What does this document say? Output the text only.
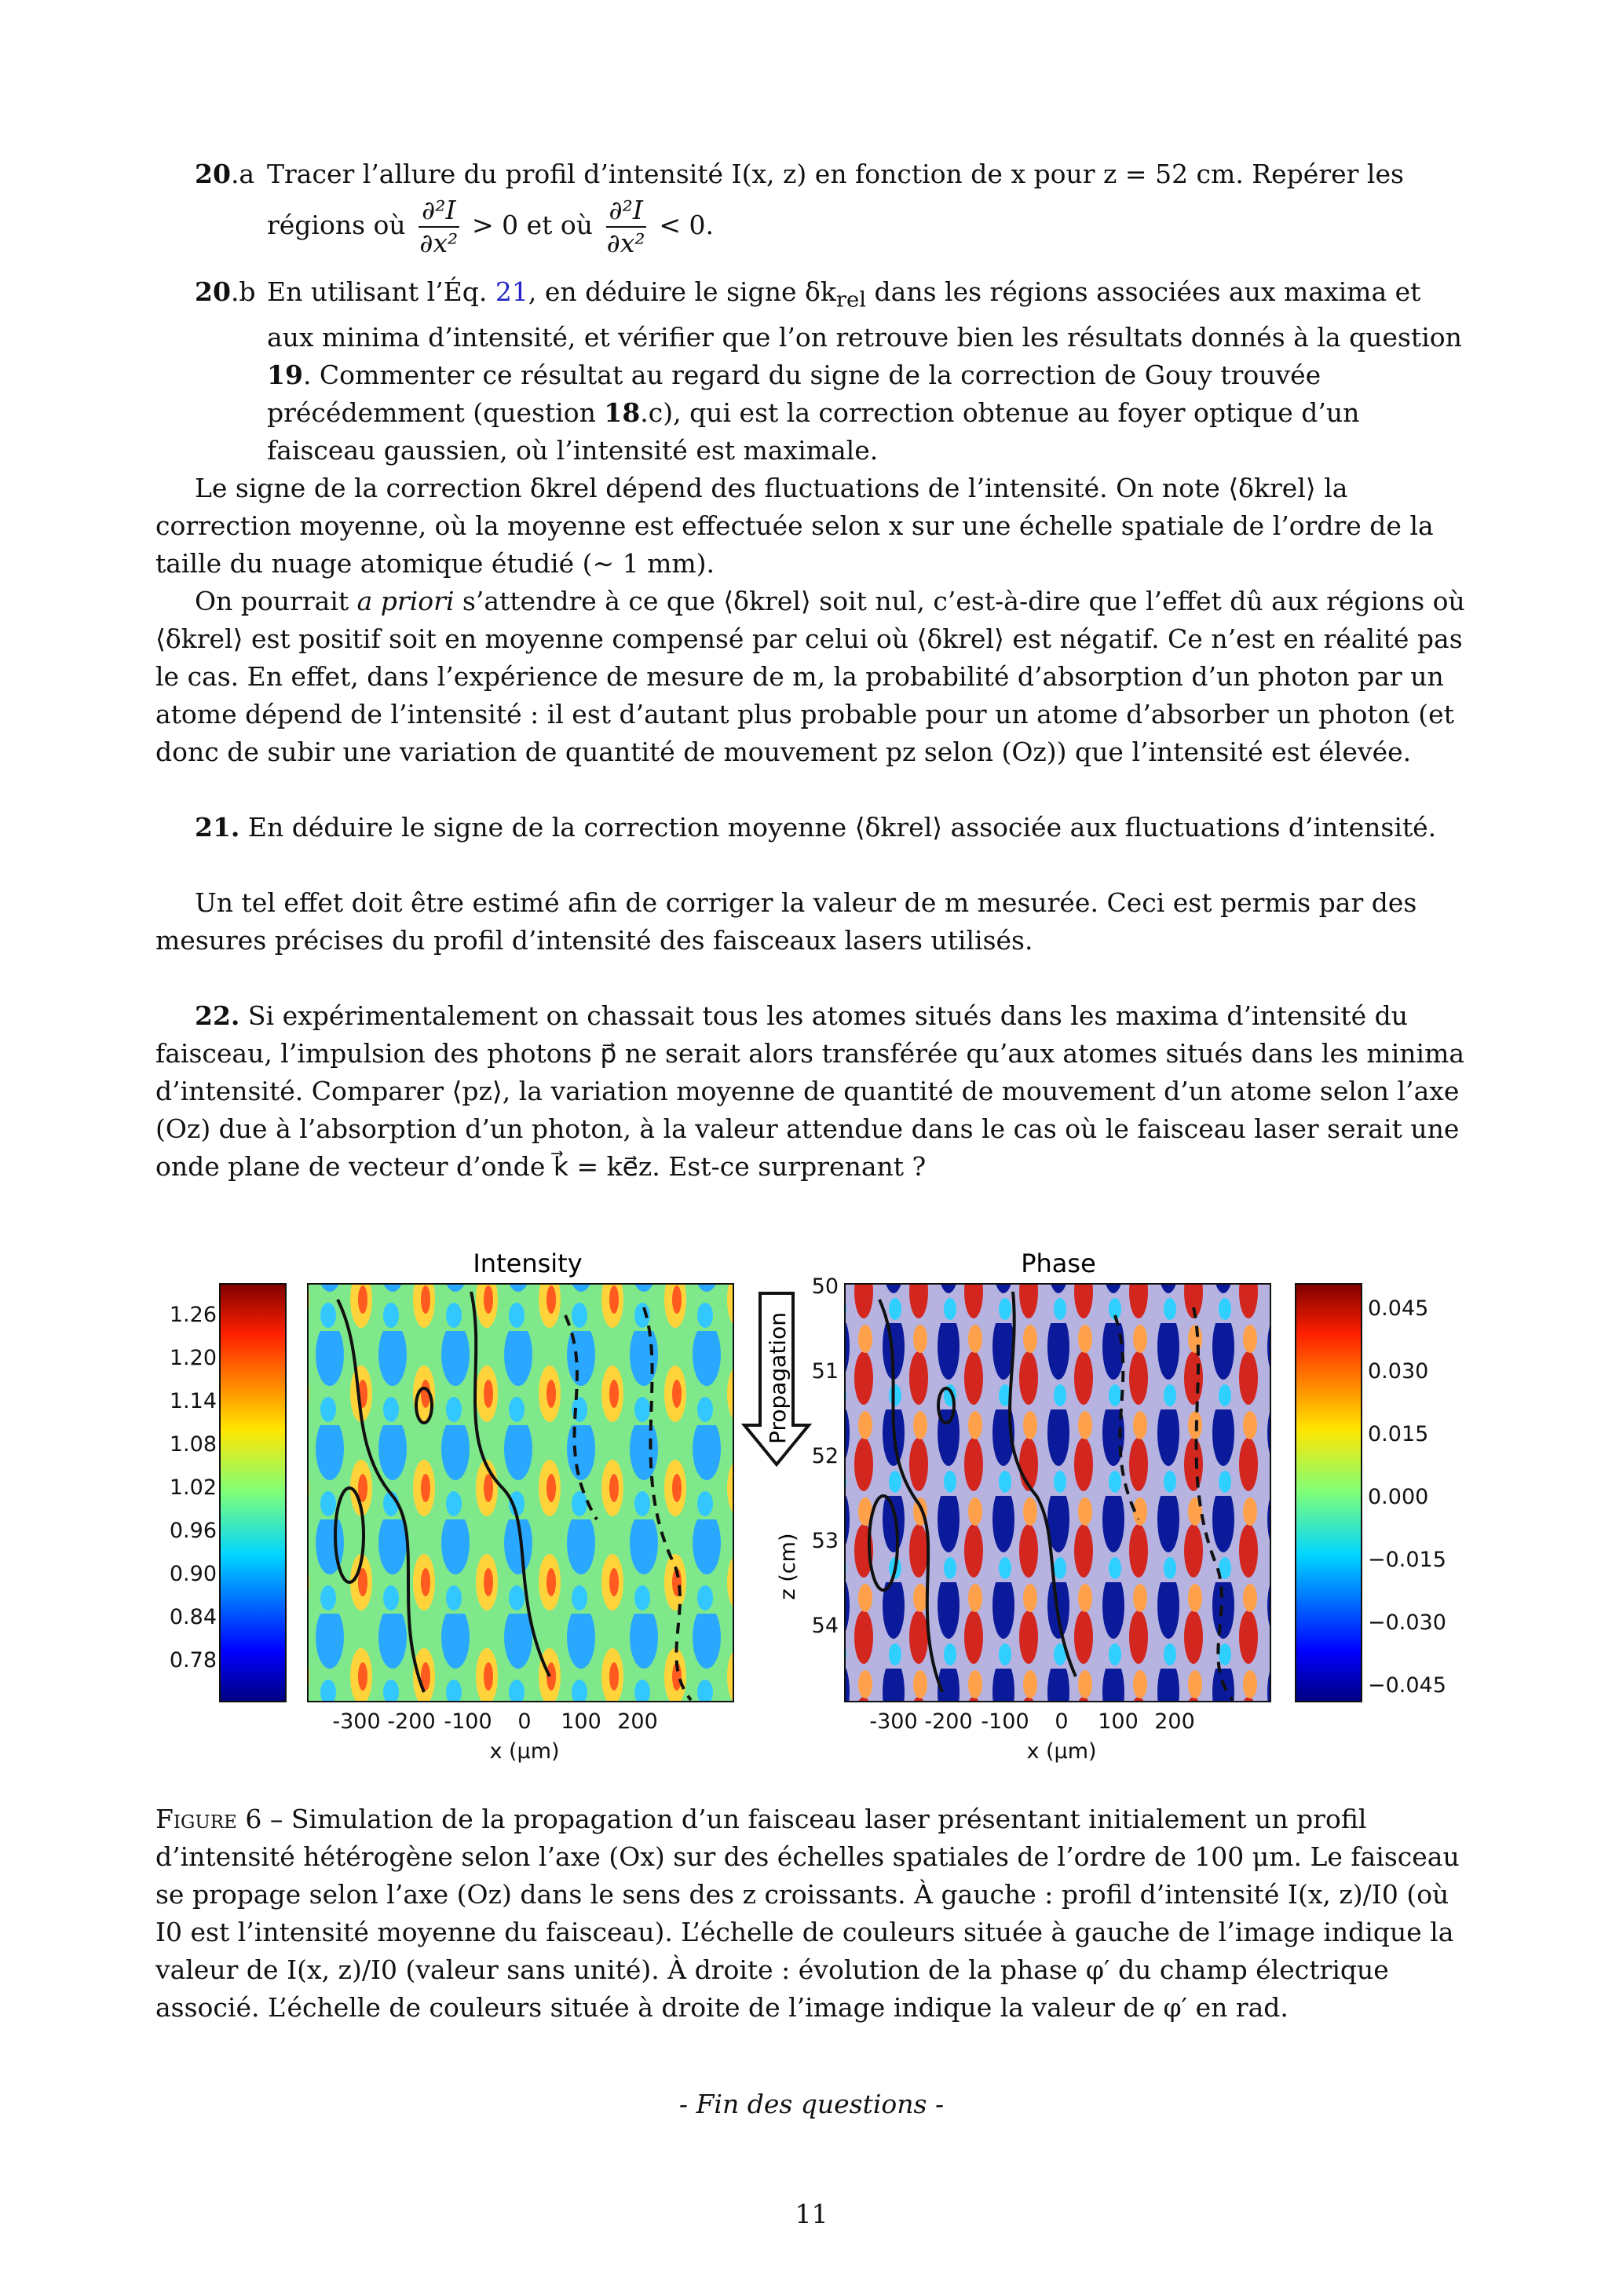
20.a Tracer l’allure du profil d’intensité I(x, z) en fonction de x pour z = 52 cm. Repérer les
régions où $\frac{\text{∂²I}}{\text{∂x²}} > 0$ et où $\frac{\text{∂²I}}{\text{∂x²}} < 0$.
20.b En utilisant l’Éq. 21, en déduire le signe $\delta k_{rel}$ dans les régions associées aux maxima et aux minima d’intensité, et vérifier que l’on retrouve bien les résultats donnés à la question 19. Commenter ce résultat au regard du signe de la correction de Gouy trouvée précédemment (question 18.c), qui est la correction obtenue au foyer optique d’un faisceau gaussien, où l’intensité est maximale.
Le signe de la correction δkrel dépend des fluctuations de l’intensité. On note ⟨δkrel⟩ la correction moyenne, où la moyenne est effectuée selon x sur une échelle spatiale de l’ordre de la taille du nuage atomique étudié (∼ 1 mm).
On pourrait a priori s’attendre à ce que ⟨δkrel⟩ soit nul, c’est-à-dire que l’effet dû aux régions où ⟨δkrel⟩ est positif soit en moyenne compensé par celui où ⟨δkrel⟩ est négatif. Ce n’est en réalité pas le cas. En effet, dans l’expérience de mesure de m, la probabilité d’absorption d’un photon par un atome dépend de l’intensité : il est d’autant plus probable pour un atome d’absorber un photon (et donc de subir une variation de quantité de mouvement pz selon (Oz)) que l’intensité est élevée.
21. En déduire le signe de la correction moyenne ⟨δkrel⟩ associée aux fluctuations d’intensité.
Un tel effet doit être estimé afin de corriger la valeur de m mesurée. Ceci est permis par des mesures précises du profil d’intensité des faisceaux lasers utilisés.
22. Si expérimentalement on chassait tous les atomes situés dans les maxima d’intensité du faisceau, l’impulsion des photons p⃗ ne serait alors transférée qu’aux atomes situés dans les minima d’intensité. Comparer ⟨pz⟩, la variation moyenne de quantité de mouvement d’un atome selon l’axe (Oz) due à l’absorption d’un photon, à la valeur attendue dans le cas où le faisceau laser serait une onde plane de vecteur d’onde k⃗ = ke⃗z. Est-ce surprenant ?
1.26
1.20
1.14
1.08
1.02
0.96
0.90
0.84
0.78
Intensity
-300 -200 -100 0 100 200
x (μm)
Propagation
z (cm)
50
51
52
53
54
Phase
-300 -200 -100 0 100 200
x (μm)
0.045
0.030
0.015
0.000
−0.015
−0.030
−0.045
Figure 6 – Simulation de la propagation d’un faisceau laser présentant initialement un profil d’intensité hétérogène selon l’axe (Ox) sur des échelles spatiales de l’ordre de 100 μm. Le faisceau se propage selon l’axe (Oz) dans le sens des z croissants. À gauche : profil d’intensité I(x, z)/I0 (où I0 est l’intensité moyenne du faisceau). L’échelle de couleurs située à gauche de l’image indique la valeur de I(x, z)/I0 (valeur sans unité). À droite : évolution de la phase φ′ du champ électrique associé. L’échelle de couleurs située à droite de l’image indique la valeur de φ′ en rad.
- Fin des questions -
11
